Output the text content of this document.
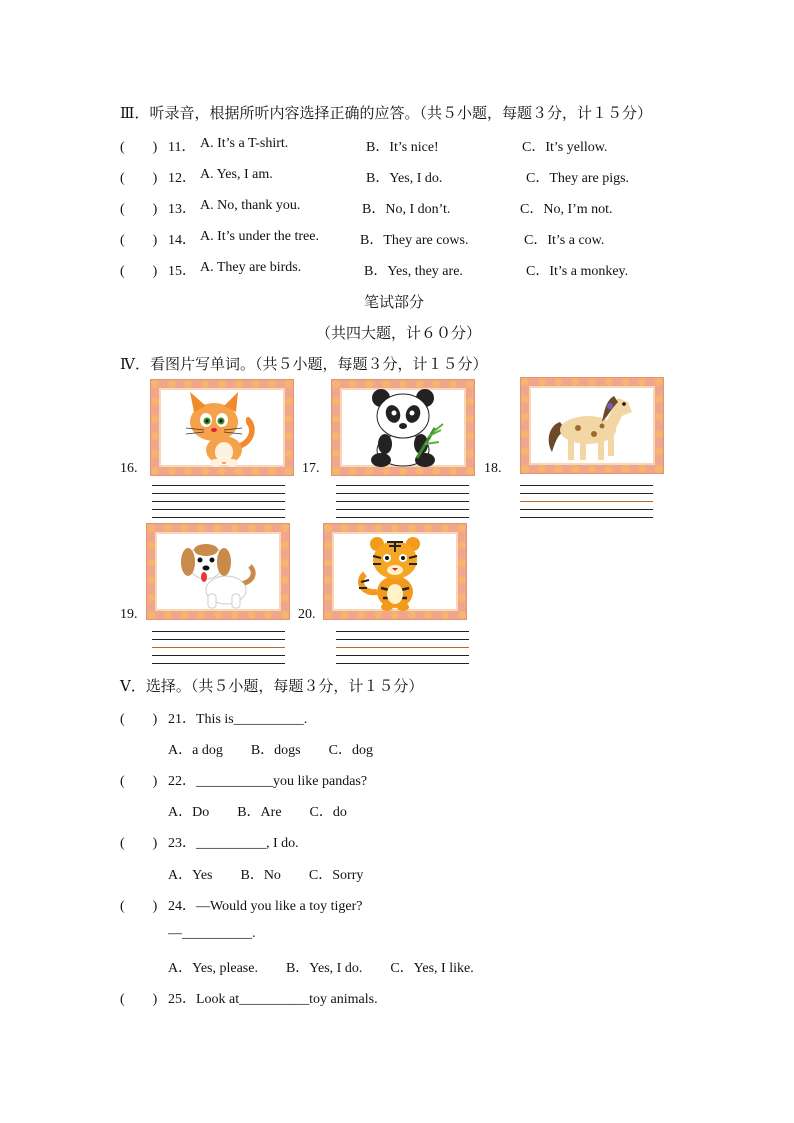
Ⅲ．听录音，根据所听内容选择正确的应答。（共５小题，每题３分，计１５分）
(　　) 11． A. It’s a T-shirt.	B．It’s nice!	C．It’s yellow.
(　　) 12． A. Yes, I am.	B．Yes, I do.	C．They are pigs.
(　　) 13． A. No, thank you.	B．No, I don’t.	C．No, I’m not.
(　　) 14． A. It’s under the tree.	B．They are cows.	C．It’s a cow.
(　　) 15． A. They are birds.	B．Yes, they are.	C．It’s a monkey.
笔试部分
（共四大题，计６０分）
Ⅳ．看图片写单词。（共５小题，每题３分，计１５分）
16.	17.	18.
19.	20.
Ⅴ．选择。（共５小题，每题３分，计１５分）
(　　) 21．This is__________.
A．a dog　　B．dogs　　C．dog
(　　) 22．___________you like pandas?
A．Do　　B．Are　　C．do
(　　) 23．__________, I do.
A．Yes　　B．No　　C．Sorry
(　　) 24．—Would you like a toy tiger?
—__________.
A．Yes, please.　　B．Yes, I do.　　C．Yes, I like.
(　　) 25．Look at__________toy animals.
